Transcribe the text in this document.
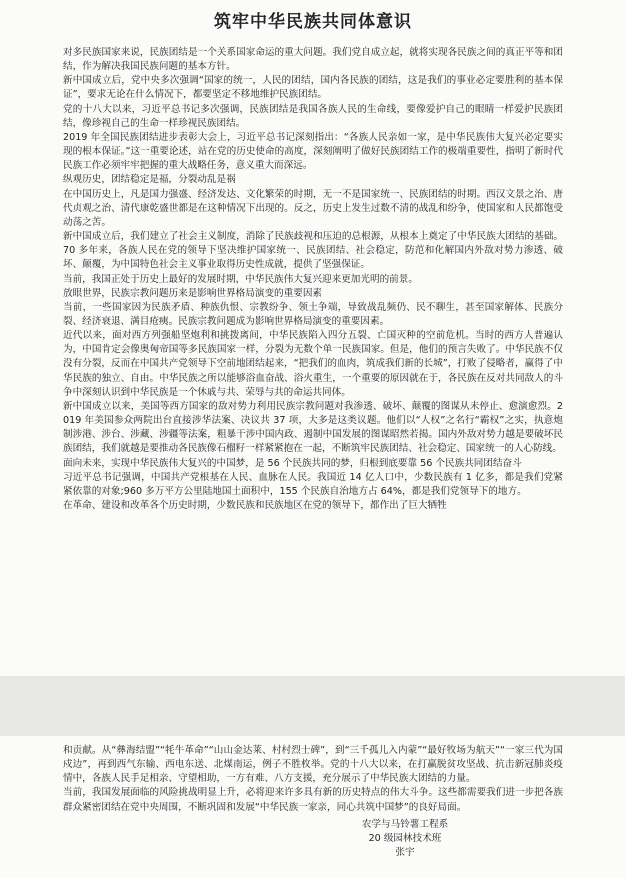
筑牢中华民族共同体意识

对多民族国家来说，民族团结是一个关系国家命运的重大问题。我们党自成立起，就将实现各民族之间的真正平等和团结，作为解决我国民族问题的基本方针。

新中国成立后，党中央多次强调“国家的统一，人民的团结，国内各民族的团结，这是我们的事业必定要胜利的基本保证”，要求无论在什么情况下，都要坚定不移地维护民族团结。

党的十八大以来，习近平总书记多次强调，民族团结是我国各族人民的生命线，要像爱护自己的眼睛一样爱护民族团结，像珍视自己的生命一样珍视民族团结。

2019 年全国民族团结进步表彰大会上，习近平总书记深刻指出：“各族人民亲如一家，是中华民族伟大复兴必定要实现的根本保证。”这一重要论述，站在党的历史使命的高度，深刻阐明了做好民族团结工作的极端重要性，指明了新时代民族工作必须牢牢把握的重大战略任务，意义重大而深远。

纵观历史，团结稳定是福，分裂动乱是祸

在中国历史上，凡是国力强盛、经济发达、文化繁荣的时期，无一不是国家统一、民族团结的时期。西汉文景之治、唐代贞观之治、清代康乾盛世都是在这种情况下出现的。反之，历史上发生过数不清的战乱和纷争，使国家和人民都饱受动荡之苦。

新中国成立后，我们建立了社会主义制度，消除了民族歧视和压迫的总根源，从根本上奠定了中华民族大团结的基础。70 多年来，各族人民在党的领导下坚决维护国家统一、民族团结、社会稳定，防范和化解国内外敌对势力渗透、破坏、颠覆，为中国特色社会主义事业取得历史性成就，提供了坚强保证。

当前，我国正处于历史上最好的发展时期，中华民族伟大复兴迎来更加光明的前景。

放眼世界，民族宗教问题历来是影响世界格局演变的重要因素

当前，一些国家因为民族矛盾、种族仇恨、宗教纷争、领土争端，导致战乱频仍、民不聊生，甚至国家解体、民族分裂、经济衰退、满目疮痍。民族宗教问题成为影响世界格局演变的重要因素。

近代以来，面对西方列强船坚炮利和挑拨离间，中华民族陷入四分五裂、亡国灭种的空前危机。当时的西方人普遍认为，中国肯定会像奥匈帝国等多民族国家一样，分裂为无数个单一民族国家。但是，他们的预言失败了。中华民族不仅没有分裂，反而在中国共产党领导下空前地团结起来，“把我们的血肉，筑成我们新的长城”，打败了侵略者，赢得了中华民族的独立、自由。中华民族之所以能够浴血奋战、浴火重生，一个重要的原因就在于，各民族在反对共同敌人的斗争中深刻认识到中华民族是一个休戚与共、荣辱与共的命运共同体。

新中国成立以来，美国等西方国家的敌对势力利用民族宗教问题对我渗透、破坏、颠覆的图谋从未停止、愈演愈烈。2019 年美国参众两院出台直接涉华法案、决议共 37 项，大多是这类议题。他们以“人权”之名行“霸权”之实，执意炮制涉港、涉台、涉藏、涉疆等法案，粗暴干涉中国内政、遏制中国发展的图谋昭然若揭。国内外敌对势力越是要破坏民族团结，我们就越是要推动各民族像石榴籽一样紧紧抱在一起，不断筑牢民族团结、社会稳定、国家统一的人心防线。

面向未来，实现中华民族伟大复兴的中国梦，是 56 个民族共同的梦，归根到底要靠 56 个民族共同团结奋斗

习近平总书记强调，中国共产党根基在人民、血脉在人民。我国近 14 亿人口中，少数民族有 1 亿多，都是我们党紧紧依靠的对象;960 多万平方公里陆地国土面积中，155 个民族自治地方占 64%，都是我们党领导下的地方。

在革命、建设和改革各个历史时期，少数民族和民族地区在党的领导下，都作出了巨大牺牲

和贡献。从“彝海结盟”“牦牛革命”“山山金达莱、村村烈士碑”，到“三千孤儿入内蒙”“最好牧场为航天”“一家三代为国戍边”，再到西气东输、西电东送、北煤南运，例子不胜枚举。党的十八大以来，在打赢脱贫攻坚战、抗击新冠肺炎疫情中，各族人民手足相亲、守望相助，一方有难、八方支援，充分展示了中华民族大团结的力量。

当前，我国发展面临的风险挑战明显上升，必将迎来许多具有新的历史特点的伟大斗争。这些都需要我们进一步把各族群众紧密团结在党中央周围，不断巩固和发展“中华民族一家亲，同心共筑中国梦”的良好局面。

农学与马铃薯工程系
20 级园林技术班
张宇
